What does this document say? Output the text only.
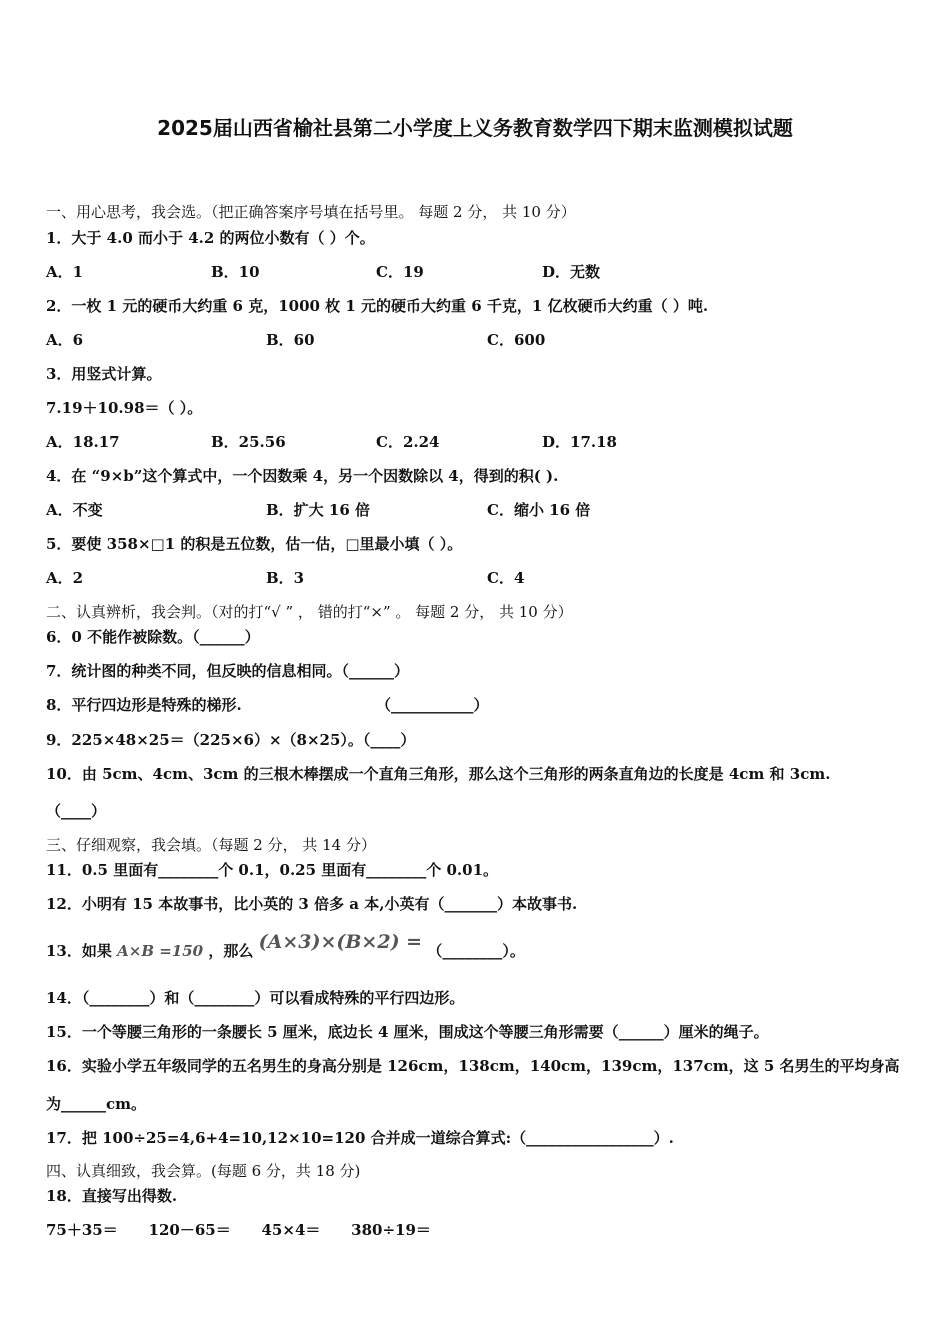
2025届山西省榆社县第二小学度上义务教育数学四下期末监测模拟试题
一、用心思考，我会选。（把正确答案序号填在括号里。 每题 2 分， 共 10 分）
1．大于 4.0 而小于 4.2 的两位小数有（ ）个。
A．1	B．10	C．19	D．无数
2．一枚 1 元的硬币大约重 6 克，1000 枚 1 元的硬币大约重 6 千克，1 亿枚硬币大约重（ ）吨.
A．6	B．60	C．600
3．用竖式计算。
7.19＋10.98＝（ ）。
A．18.17	B．25.56	C．2.24	D．17.18
4．在 “9×b”这个算式中，一个因数乘 4，另一个因数除以 4，得到的积( ).
A．不变	B．扩大 16 倍	C．缩小 16 倍
5．要使 358×□1 的积是五位数，估一估，□里最小填（ ）。
A．2	B．3	C．4
二、认真辨析，我会判。（对的打“√ ” ， 错的打“×” 。 每题 2 分， 共 10 分）
6．0 不能作被除数。（______）
7．统计图的种类不同，但反映的信息相同。（______）
8．平行四边形是特殊的梯形.	（___________）
9．225×48×25＝（225×6）×（8×25）。（____）
10．由 5cm、4cm、3cm 的三根木棒摆成一个直角三角形，那么这个三角形的两条直角边的长度是 4cm 和 3cm.
（____）
三、仔细观察，我会填。（每题 2 分， 共 14 分）
11．0.5 里面有________个 0.1，0.25 里面有________个 0.01。
12．小明有 15 本故事书，比小英的 3 倍多 a 本,小英有（_______）本故事书.
13．如果 A×B =150 ，那么 (A×3)×(B×2) = （________）。
14．（________）和（________）可以看成特殊的平行四边形。
15．一个等腰三角形的一条腰长 5 厘米，底边长 4 厘米，围成这个等腰三角形需要（______）厘米的绳子。
16．实验小学五年级同学的五名男生的身高分别是 126cm，138cm，140cm，139cm，137cm，这 5 名男生的平均身高
为______cm。
17．把 100÷25=4,6+4=10,12×10=120 合并成一道综合算式:（_________________）.
四、认真细致，我会算。(每题 6 分，共 18 分)
18．直接写出得数.
75＋35＝ 120－65＝ 45×4＝ 380÷19＝
